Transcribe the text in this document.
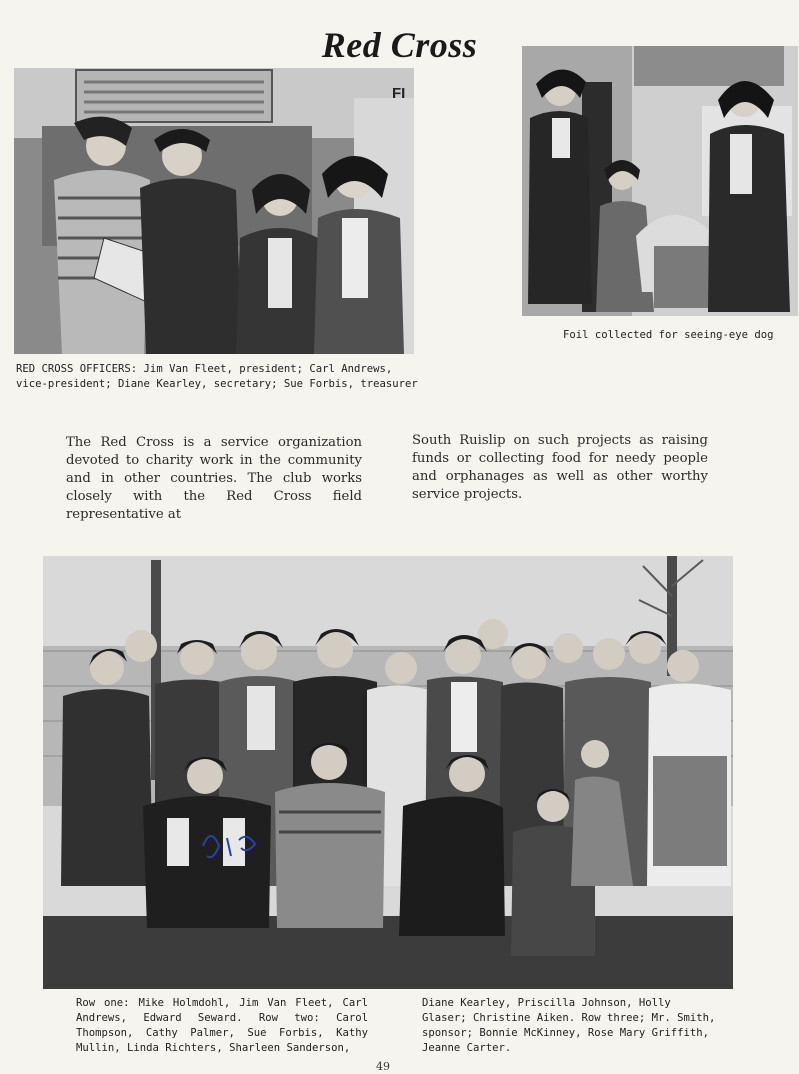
Red Cross
FI
RED CROSS OFFICERS: Jim Van Fleet, president; Carl Andrews, vice-president; Diane Kearley, secretary; Sue Forbis, treasurer
Foil collected for seeing-eye dog
The Red Cross is a service organization devoted to charity work in the community and in other countries. The club works closely with the Red Cross field representative at
South Ruislip on such projects as raising funds or collecting food for needy people and orphanages as well as other worthy service projects.
Row one: Mike Holmdohl, Jim Van Fleet, Carl Andrews, Edward Seward. Row two: Carol Thompson, Cathy Palmer, Sue Forbis, Kathy Mullin, Linda Richters, Sharleen Sanderson,
Diane Kearley, Priscilla Johnson, Holly Glaser; Christine Aiken. Row three; Mr. Smith, sponsor; Bonnie McKinney, Rose Mary Griffith, Jeanne Carter.
49
